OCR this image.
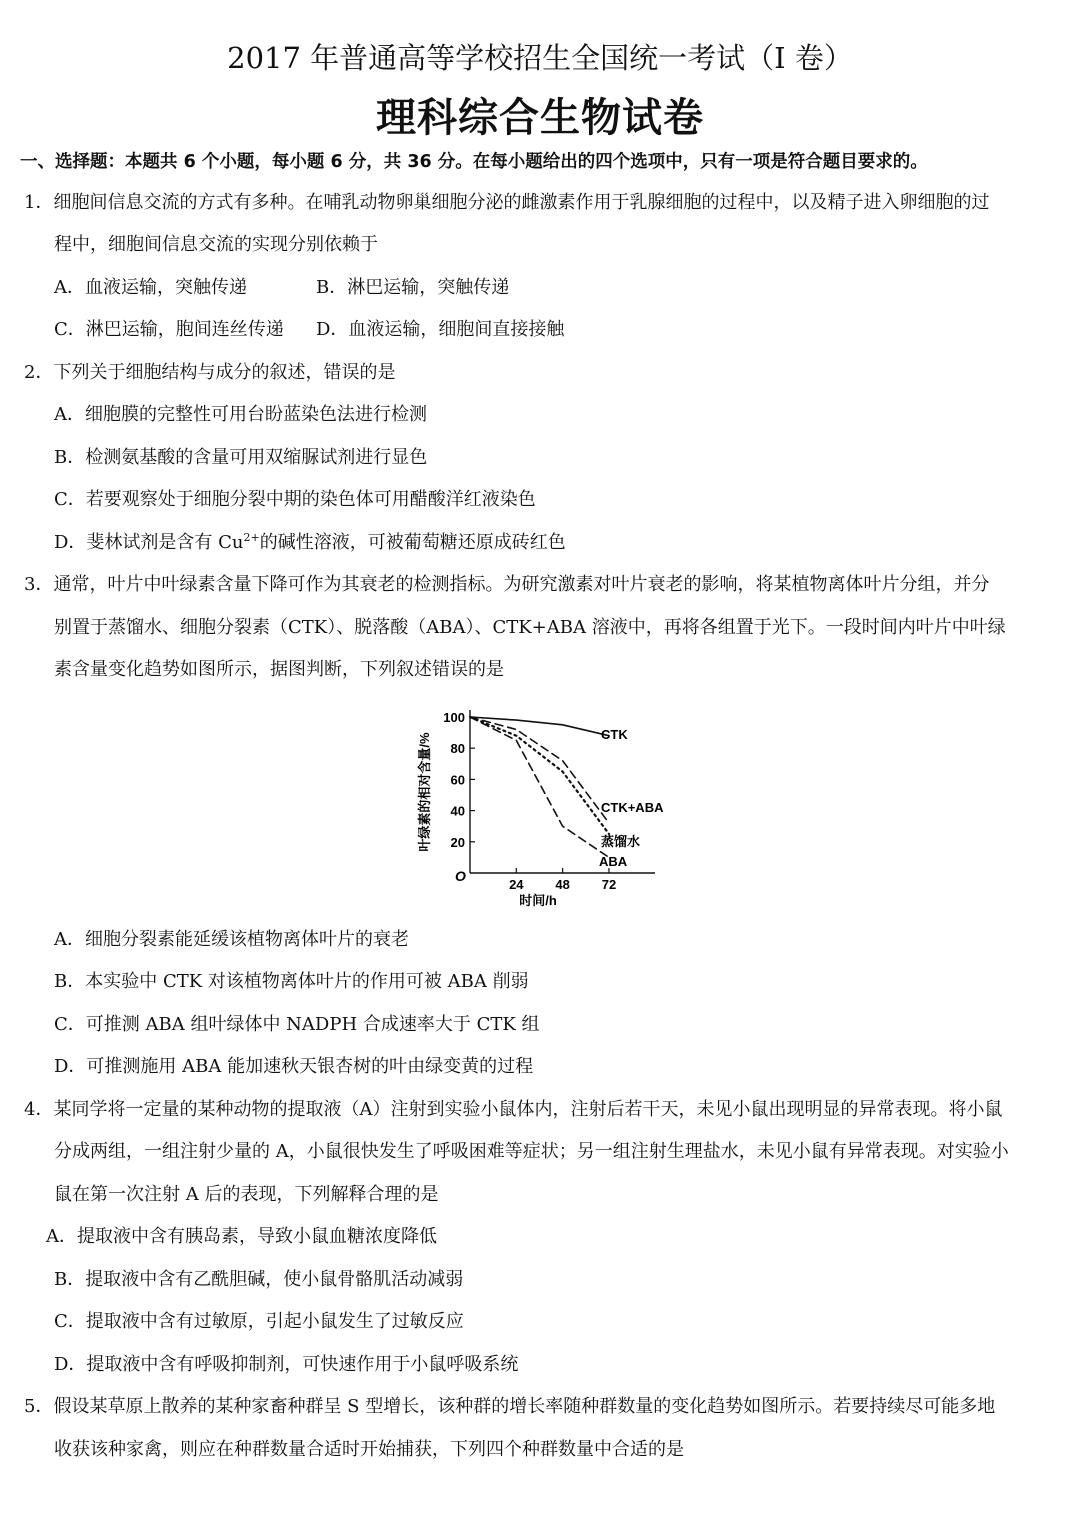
2017 年普通高等学校招生全国统一考试（I 卷）
理科综合生物试卷
一、选择题：本题共 6 个小题，每小题 6 分，共 36 分。在每小题给出的四个选项中，只有一项是符合题目要求的。
1．细胞间信息交流的方式有多种。在哺乳动物卵巢细胞分泌的雌激素作用于乳腺细胞的过程中，以及精子进入卵细胞的过
程中，细胞间信息交流的实现分别依赖于
A．血液运输，突触传递	B．淋巴运输，突触传递
C．淋巴运输，胞间连丝传递 D．血液运输，细胞间直接接触
2．下列关于细胞结构与成分的叙述，错误的是
A．细胞膜的完整性可用台盼蓝染色法进行检测
B．检测氨基酸的含量可用双缩脲试剂进行显色
C．若要观察处于细胞分裂中期的染色体可用醋酸洋红液染色
D．斐林试剂是含有 $Cu^{2+}$的碱性溶液，可被葡萄糖还原成砖红色
3．通常，叶片中叶绿素含量下降可作为其衰老的检测指标。为研究激素对叶片衰老的影响，将某植物离体叶片分组，并分
别置于蒸馏水、细胞分裂素（CTK）、脱落酸（ABA）、CTK+ABA 溶液中，再将各组置于光下。一段时间内叶片中叶绿
素含量变化趋势如图所示，据图判断，下列叙述错误的是
20
40
60
80
100
24 48 72
CTK
CTK+ABA
蒸馏水
ABA
O
时间/h
叶绿素的相对含量/%
A．细胞分裂素能延缓该植物离体叶片的衰老
B．本实验中 CTK 对该植物离体叶片的作用可被 ABA 削弱
C．可推测 ABA 组叶绿体中 NADPH 合成速率大于 CTK 组
D．可推测施用 ABA 能加速秋天银杏树的叶由绿变黄的过程
4．某同学将一定量的某种动物的提取液（A）注射到实验小鼠体内，注射后若干天，未见小鼠出现明显的异常表现。将小鼠
分成两组，一组注射少量的 A，小鼠很快发生了呼吸困难等症状；另一组注射生理盐水，未见小鼠有异常表现。对实验小
鼠在第一次注射 A 后的表现，下列解释合理的是
A．提取液中含有胰岛素，导致小鼠血糖浓度降低
B．提取液中含有乙酰胆碱，使小鼠骨骼肌活动减弱
C．提取液中含有过敏原，引起小鼠发生了过敏反应
D．提取液中含有呼吸抑制剂，可快速作用于小鼠呼吸系统
5．假设某草原上散养的某种家畜种群呈 S 型增长，该种群的增长率随种群数量的变化趋势如图所示。若要持续尽可能多地
收获该种家禽，则应在种群数量合适时开始捕获，下列四个种群数量中合适的是
